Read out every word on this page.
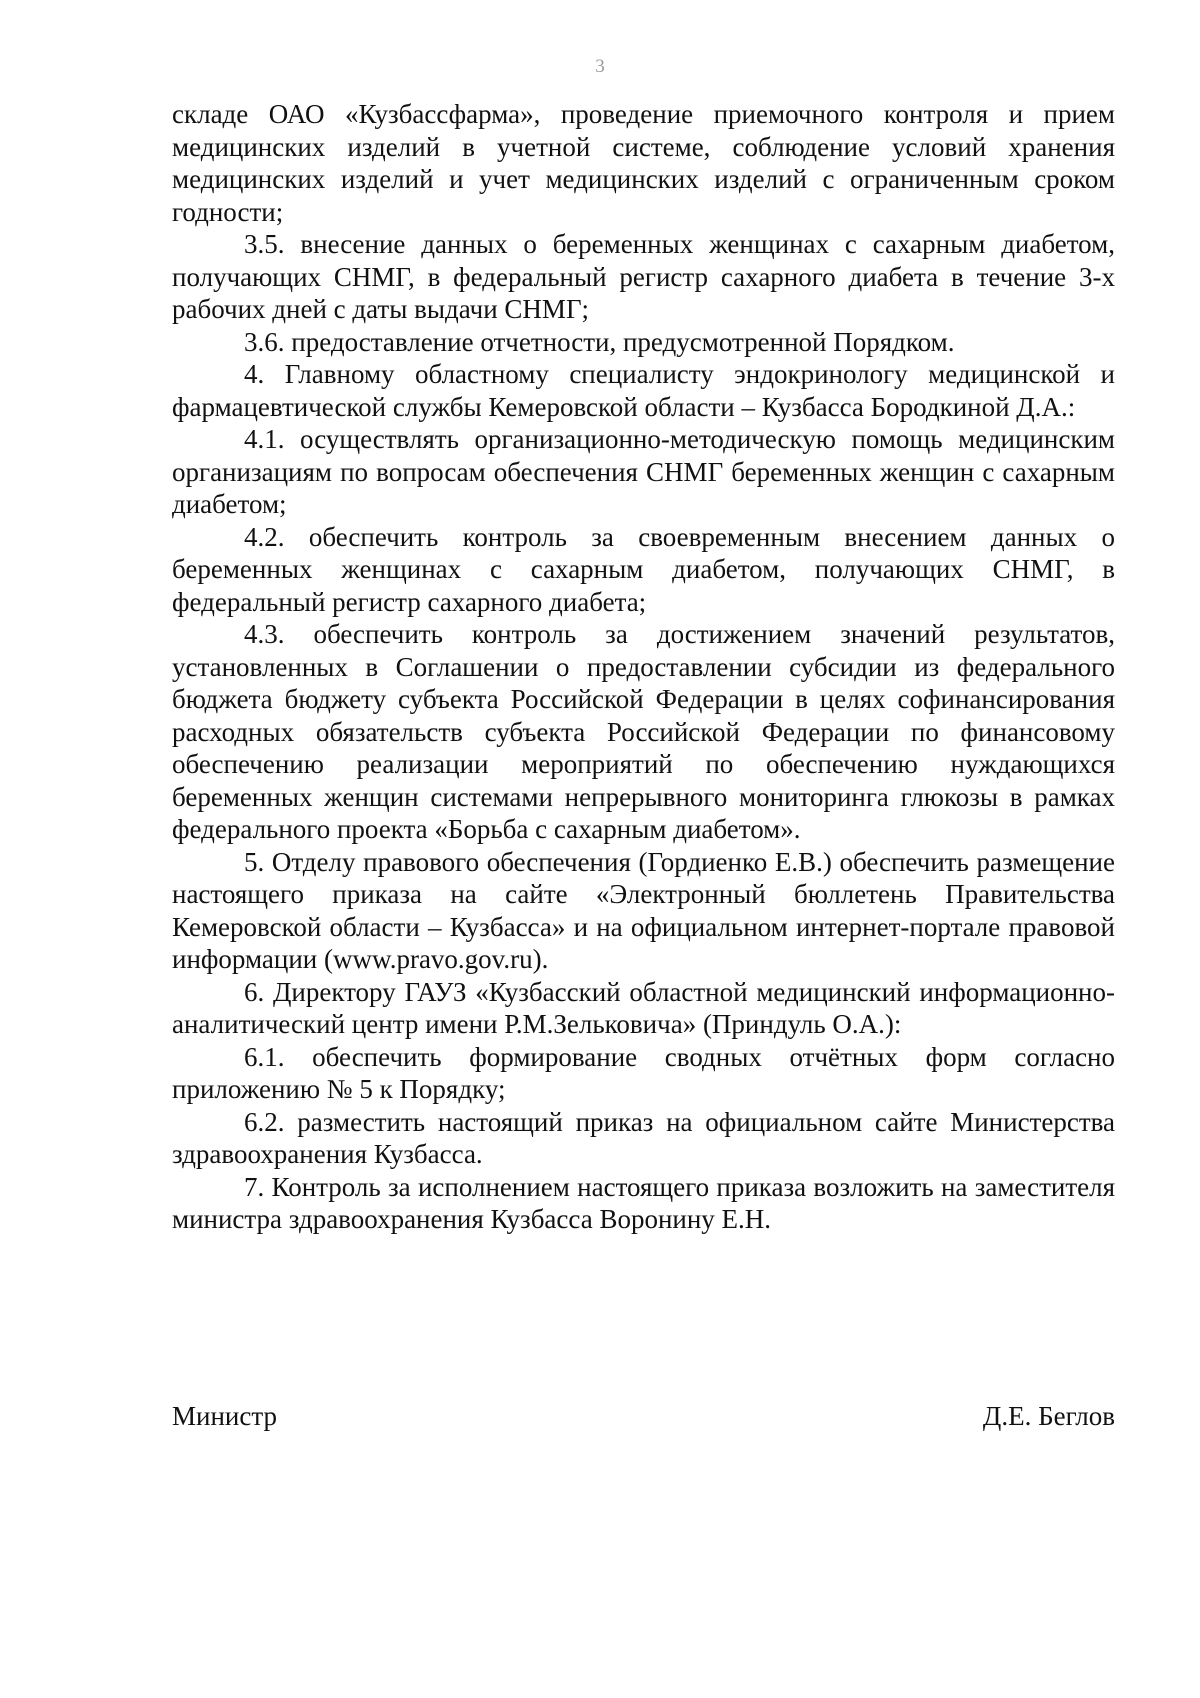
3

складе ОАО «Кузбассфарма», проведение приемочного контроля и прием медицинских изделий в учетной системе, соблюдение условий хранения медицинских изделий и учет медицинских изделий с ограниченным сроком годности;

3.5. внесение данных о беременных женщинах с сахарным диабетом, получающих СНМГ, в федеральный регистр сахарного диабета в течение 3-х рабочих дней с даты выдачи СНМГ;

3.6. предоставление отчетности, предусмотренной Порядком.

4. Главному областному специалисту эндокринологу медицинской и фармацевтической службы Кемеровской области – Кузбасса Бородкиной Д.А.:

4.1. осуществлять организационно-методическую помощь медицинским организациям по вопросам обеспечения СНМГ беременных женщин с сахарным диабетом;

4.2. обеспечить контроль за своевременным внесением данных о беременных женщинах с сахарным диабетом, получающих СНМГ, в федеральный регистр сахарного диабета;

4.3. обеспечить контроль за достижением значений результатов, установленных в Соглашении о предоставлении субсидии из федерального бюджета бюджету субъекта Российской Федерации в целях софинансирования расходных обязательств субъекта Российской Федерации по финансовому обеспечению реализации мероприятий по обеспечению нуждающихся беременных женщин системами непрерывного мониторинга глюкозы в рамках федерального проекта «Борьба с сахарным диабетом».

5. Отделу правового обеспечения (Гордиенко Е.В.) обеспечить размещение настоящего приказа на сайте «Электронный бюллетень Правительства Кемеровской области – Кузбасса» и на официальном интернет-портале правовой информации (www.pravo.gov.ru).

6. Директору ГАУЗ «Кузбасский областной медицинский информационно-аналитический центр имени Р.М.Зельковича» (Приндуль О.А.):

6.1. обеспечить формирование сводных отчётных форм согласно приложению № 5 к Порядку;

6.2. разместить настоящий приказ на официальном сайте Министерства здравоохранения Кузбасса.

7. Контроль за исполнением настоящего приказа возложить на заместителя министра здравоохранения Кузбасса Воронину Е.Н.

Министр	Д.Е. Беглов
